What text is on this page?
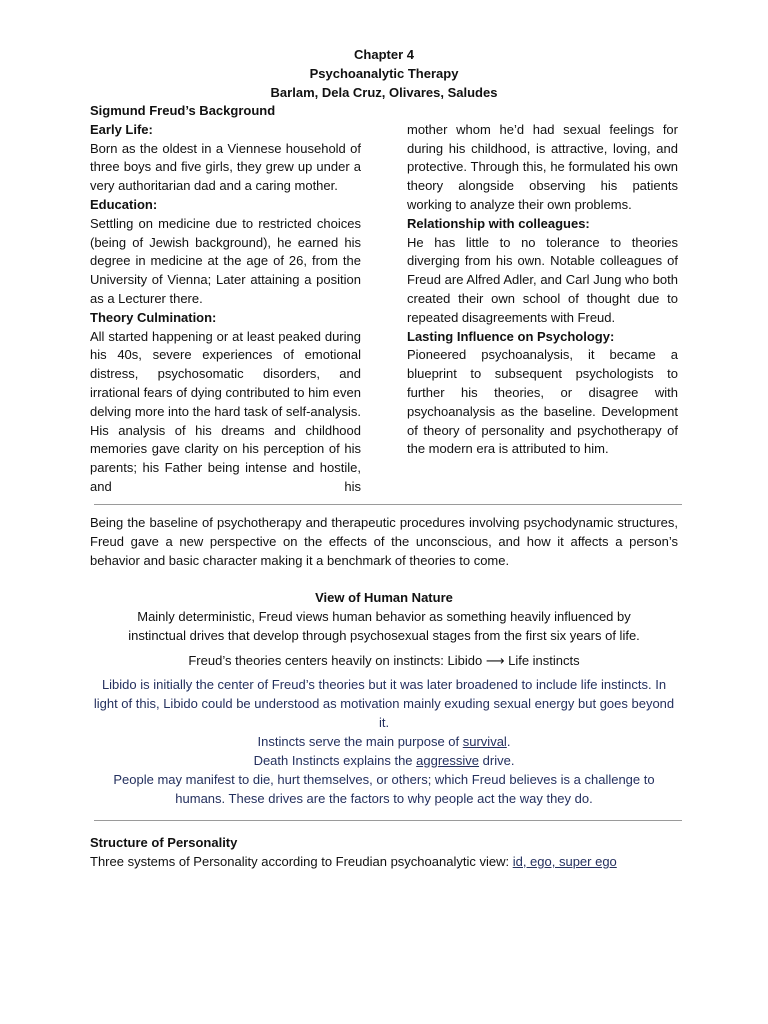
Chapter 4
Psychoanalytic Therapy
Barlam, Dela Cruz, Olivares, Saludes

Sigmund Freud’s Background

Early Life:

Born as the oldest in a Viennese household of three boys and five girls, they grew up under a very authoritarian dad and a caring mother.

Education:

Settling on medicine due to restricted choices (being of Jewish background), he earned his degree in medicine at the age of 26, from the University of Vienna; Later attaining a position as a Lecturer there.

Theory Culmination:

All started happening or at least peaked during his 40s, severe experiences of emotional distress, psychosomatic disorders, and irrational fears of dying contributed to him even delving more into the hard task of self-analysis. His analysis of his dreams and childhood memories gave clarity on his perception of his parents; his Father being intense and hostile, and his

mother whom he’d had sexual feelings for during his childhood, is attractive, loving, and protective. Through this, he formulated his own theory alongside observing his patients working to analyze their own problems.

Relationship with colleagues:

He has little to no tolerance to theories diverging from his own. Notable colleagues of Freud are Alfred Adler, and Carl Jung who both created their own school of thought due to repeated disagreements with Freud.

Lasting Influence on Psychology:

Pioneered psychoanalysis, it became a blueprint to subsequent psychologists to further his theories, or disagree with psychoanalysis as the baseline. Development of theory of personality and psychotherapy of the modern era is attributed to him.

Being the baseline of psychotherapy and therapeutic procedures involving psychodynamic structures, Freud gave a new perspective on the effects of the unconscious, and how it affects a person’s behavior and basic character making it a benchmark of theories to come.

View of Human Nature

Mainly deterministic, Freud views human behavior as something heavily influenced by instinctual drives that develop through psychosexual stages from the first six years of life.

Freud’s theories centers heavily on instincts: Libido ⟶ Life instincts

Libido is initially the center of Freud’s theories but it was later broadened to include life instincts. In light of this, Libido could be understood as motivation mainly exuding sexual energy but goes beyond it.

Instincts serve the main purpose of survival.

Death Instincts explains the aggressive drive.

People may manifest to die, hurt themselves, or others; which Freud believes is a challenge to humans. These drives are the factors to why people act the way they do.

Structure of Personality

Three systems of Personality according to Freudian psychoanalytic view: id, ego, super ego
